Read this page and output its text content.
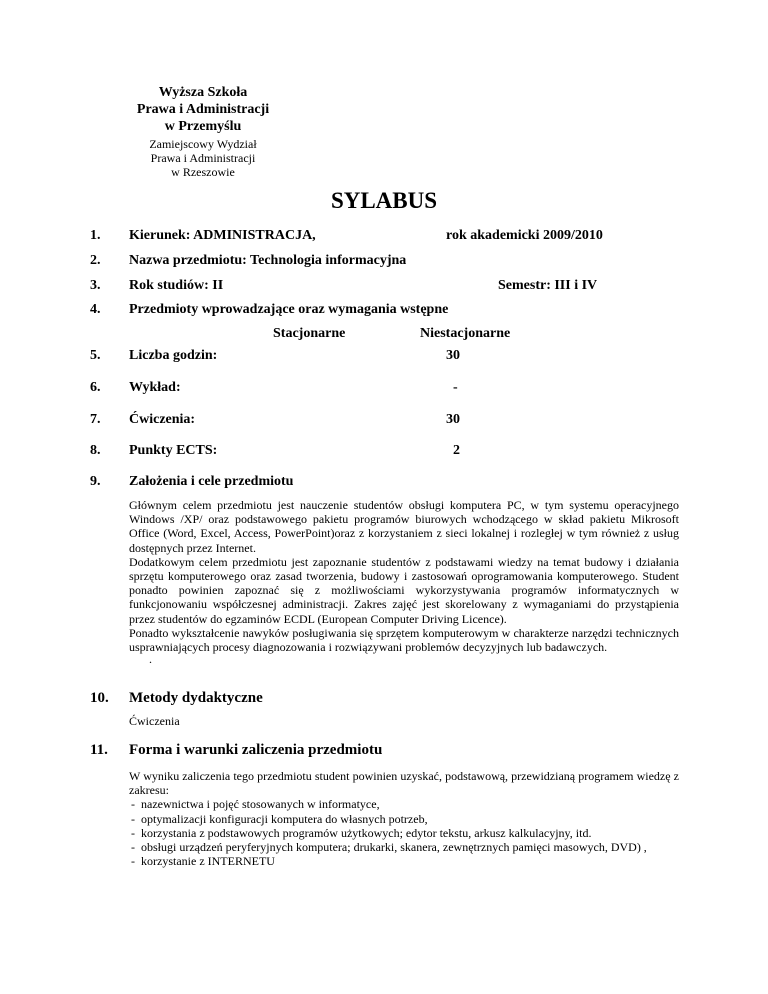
Wyższa Szkoła
Prawa i Administracji
w Przemyślu
Zamiejscowy Wydział
Prawa i Administracji
w Rzeszowie
SYLABUS
1. Kierunek: ADMINISTRACJA,	rok akademicki 2009/2010
2. Nazwa przedmiotu: Technologia informacyjna
3. Rok studiów: II	Semestr: III i IV
4. Przedmioty wprowadzające oraz wymagania wstępne
Stacjonarne	Niestacjonarne
5. Liczba godzin:	30
6. Wykład:	-
7. Ćwiczenia:	30
8. Punkty ECTS:	2
9. Założenia i cele przedmiotu

Głównym celem przedmiotu jest nauczenie studentów obsługi komputera PC, w tym systemu operacyjnego Windows /XP/ oraz podstawowego pakietu programów biurowych wchodzącego w skład pakietu Mikrosoft Office (Word, Excel, Access, PowerPoint)oraz z korzystaniem z sieci lokalnej i rozległej w tym również z usług dostępnych przez Internet.

Dodatkowym celem przedmiotu jest zapoznanie studentów z podstawami wiedzy na temat budowy i działania sprzętu komputerowego oraz zasad tworzenia, budowy i zastosowań oprogramowania komputerowego. Student ponadto powinien zapoznać się z możliwościami wykorzystywania programów informatycznych w funkcjonowaniu współczesnej administracji. Zakres zajęć jest skorelowany z wymaganiami do przystąpienia przez studentów do egzaminów ECDL (European Computer Driving Licence).

Ponadto wykształcenie nawyków posługiwania się sprzętem komputerowym w charakterze narzędzi technicznych usprawniających procesy diagnozowania i rozwiązywani problemów decyzyjnych lub badawczych.

.

10. Metody dydaktyczne
Ćwiczenia
11. Forma i warunki zaliczenia przedmiotu

W wyniku zaliczenia tego przedmiotu student powinien uzyskać, podstawową, przewidzianą programem wiedzę z zakresu:

- nazewnictwa i pojęć stosowanych w informatyce,
- optymalizacji konfiguracji komputera do własnych potrzeb,
- korzystania z podstawowych programów użytkowych; edytor tekstu, arkusz kalkulacyjny, itd.
- obsługi urządzeń peryferyjnych komputera; drukarki, skanera, zewnętrznych pamięci masowych, DVD) ,
- korzystanie z INTERNETU
